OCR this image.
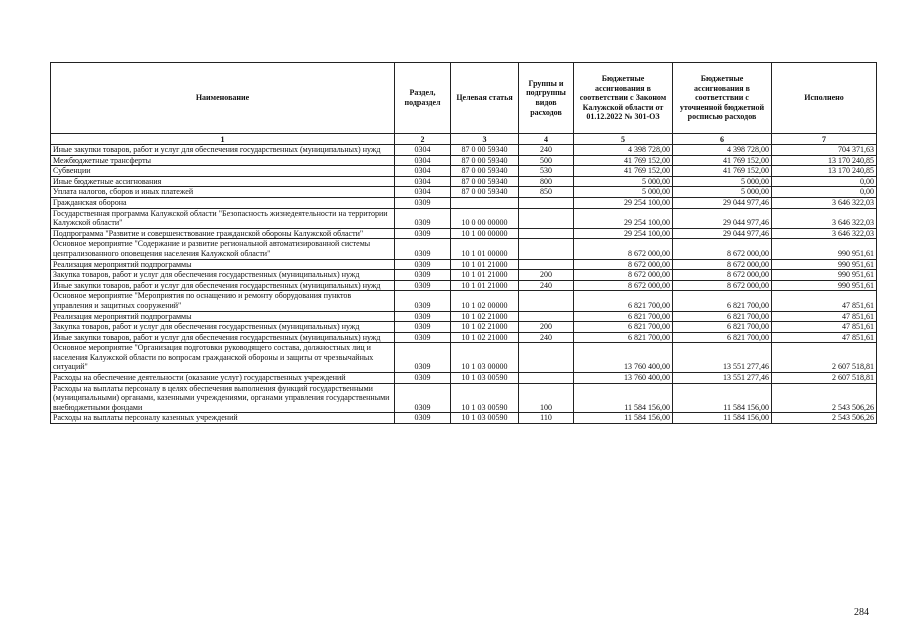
Наименование	Раздел, подраздел	Целевая статья	Группы и подгруппы видов расходов	Бюджетные ассигнования в соответствии с Законом Калужской области от 01.12.2022 № 301-ОЗ	Бюджетные ассигнования в соответствии с уточненной бюджетной росписью расходов	Исполнено
1	2	3	4	5	6	7
Иные закупки товаров, работ и услуг для обеспечения государственных (муниципальных) нужд	0304	87 0 00 59340	240	4 398 728,00	4 398 728,00	704 371,63
Межбюджетные трансферты	0304	87 0 00 59340	500	41 769 152,00	41 769 152,00	13 170 240,85
Субвенции	0304	87 0 00 59340	530	41 769 152,00	41 769 152,00	13 170 240,85
Иные бюджетные ассигнования	0304	87 0 00 59340	800	5 000,00	5 000,00	0,00
Уплата налогов, сборов и иных платежей	0304	87 0 00 59340	850	5 000,00	5 000,00	0,00
Гражданская оборона	0309			29 254 100,00	29 044 977,46	3 646 322,03
Государственная программа Калужской области "Безопасность жизнедеятельности на территории Калужской области"	0309	10 0 00 00000		29 254 100,00	29 044 977,46	3 646 322,03
Подпрограмма "Развитие и совершенствование гражданской обороны Калужской области"	0309	10 1 00 00000		29 254 100,00	29 044 977,46	3 646 322,03
Основное мероприятие "Содержание и развитие региональной автоматизированной системы централизованного оповещения населения Калужской области"	0309	10 1 01 00000		8 672 000,00	8 672 000,00	990 951,61
Реализация мероприятий подпрограммы	0309	10 1 01 21000		8 672 000,00	8 672 000,00	990 951,61
Закупка товаров, работ и услуг для обеспечения государственных (муниципальных) нужд	0309	10 1 01 21000	200	8 672 000,00	8 672 000,00	990 951,61
Иные закупки товаров, работ и услуг для обеспечения государственных (муниципальных) нужд	0309	10 1 01 21000	240	8 672 000,00	8 672 000,00	990 951,61
Основное мероприятие "Мероприятия по оснащению и ремонту оборудования пунктов управления и защитных сооружений"	0309	10 1 02 00000		6 821 700,00	6 821 700,00	47 851,61
Реализация мероприятий подпрограммы	0309	10 1 02 21000		6 821 700,00	6 821 700,00	47 851,61
Закупка товаров, работ и услуг для обеспечения государственных (муниципальных) нужд	0309	10 1 02 21000	200	6 821 700,00	6 821 700,00	47 851,61
Иные закупки товаров, работ и услуг для обеспечения государственных (муниципальных) нужд	0309	10 1 02 21000	240	6 821 700,00	6 821 700,00	47 851,61
Основное мероприятие "Организация подготовки руководящего состава, должностных лиц и населения Калужской области по вопросам гражданской обороны и защиты от чрезвычайных ситуаций"	0309	10 1 03 00000		13 760 400,00	13 551 277,46	2 607 518,81
Расходы на обеспечение деятельности (оказание услуг) государственных учреждений	0309	10 1 03 00590		13 760 400,00	13 551 277,46	2 607 518,81
Расходы на выплаты персоналу в целях обеспечения выполнения функций государственными (муниципальными) органами, казенными учреждениями, органами управления государственными внебюджетными фондами	0309	10 1 03 00590	100	11 584 156,00	11 584 156,00	2 543 506,26
Расходы на выплаты персоналу казенных учреждений	0309	10 1 03 00590	110	11 584 156,00	11 584 156,00	2 543 506,26
284
